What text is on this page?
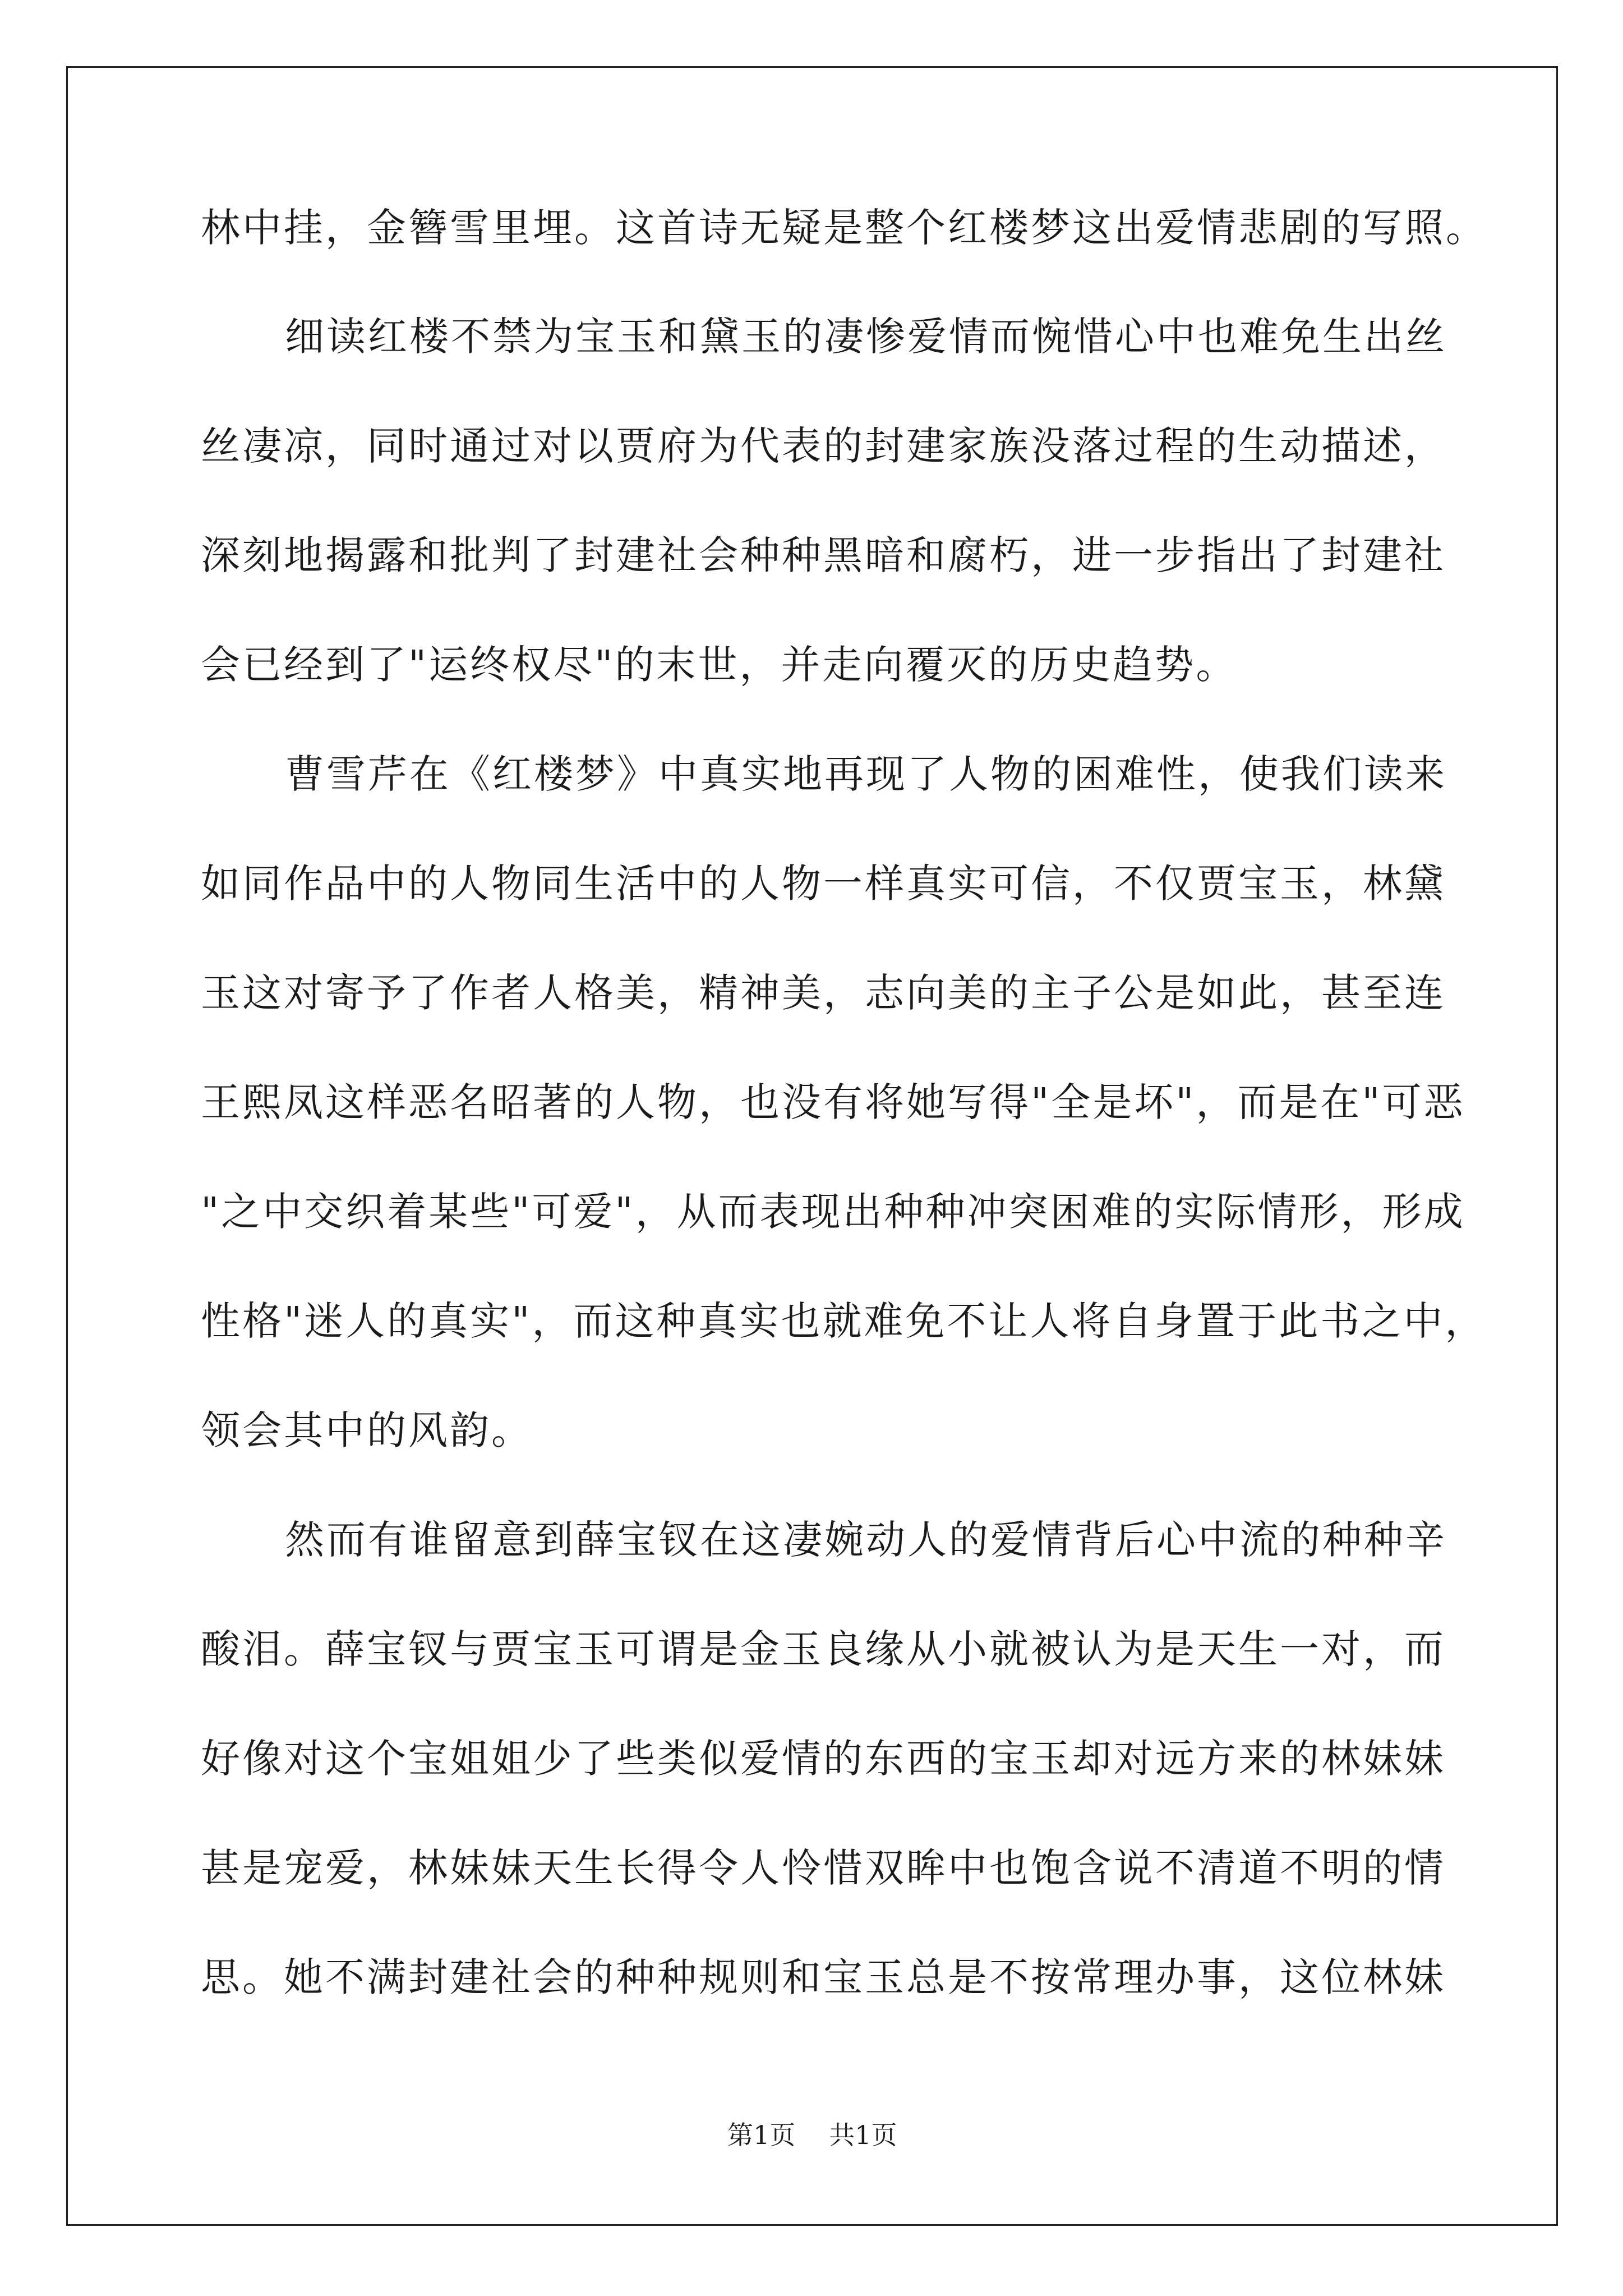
林中挂，金簪雪里埋。这首诗无疑是整个红楼梦这出爱情悲剧的写照。
细读红楼不禁为宝玉和黛玉的凄惨爱情而惋惜心中也难免生出丝
丝凄凉，同时通过对以贾府为代表的封建家族没落过程的生动描述，
深刻地揭露和批判了封建社会种种黑暗和腐朽，进一步指出了封建社
会已经到了"运终权尽"的末世，并走向覆灭的历史趋势。
曹雪芹在《红楼梦》中真实地再现了人物的困难性，使我们读来
如同作品中的人物同生活中的人物一样真实可信，不仅贾宝玉，林黛
玉这对寄予了作者人格美，精神美，志向美的主子公是如此，甚至连
王熙凤这样恶名昭著的人物，也没有将她写得"全是坏"，而是在"可恶
"之中交织着某些"可爱"，从而表现出种种冲突困难的实际情形，形成
性格"迷人的真实"，而这种真实也就难免不让人将自身置于此书之中，
领会其中的风韵。
然而有谁留意到薛宝钗在这凄婉动人的爱情背后心中流的种种辛
酸泪。薛宝钗与贾宝玉可谓是金玉良缘从小就被认为是天生一对，而
好像对这个宝姐姐少了些类似爱情的东西的宝玉却对远方来的林妹妹
甚是宠爱，林妹妹天生长得令人怜惜双眸中也饱含说不清道不明的情
思。她不满封建社会的种种规则和宝玉总是不按常理办事，这位林妹
第1页 共1页
